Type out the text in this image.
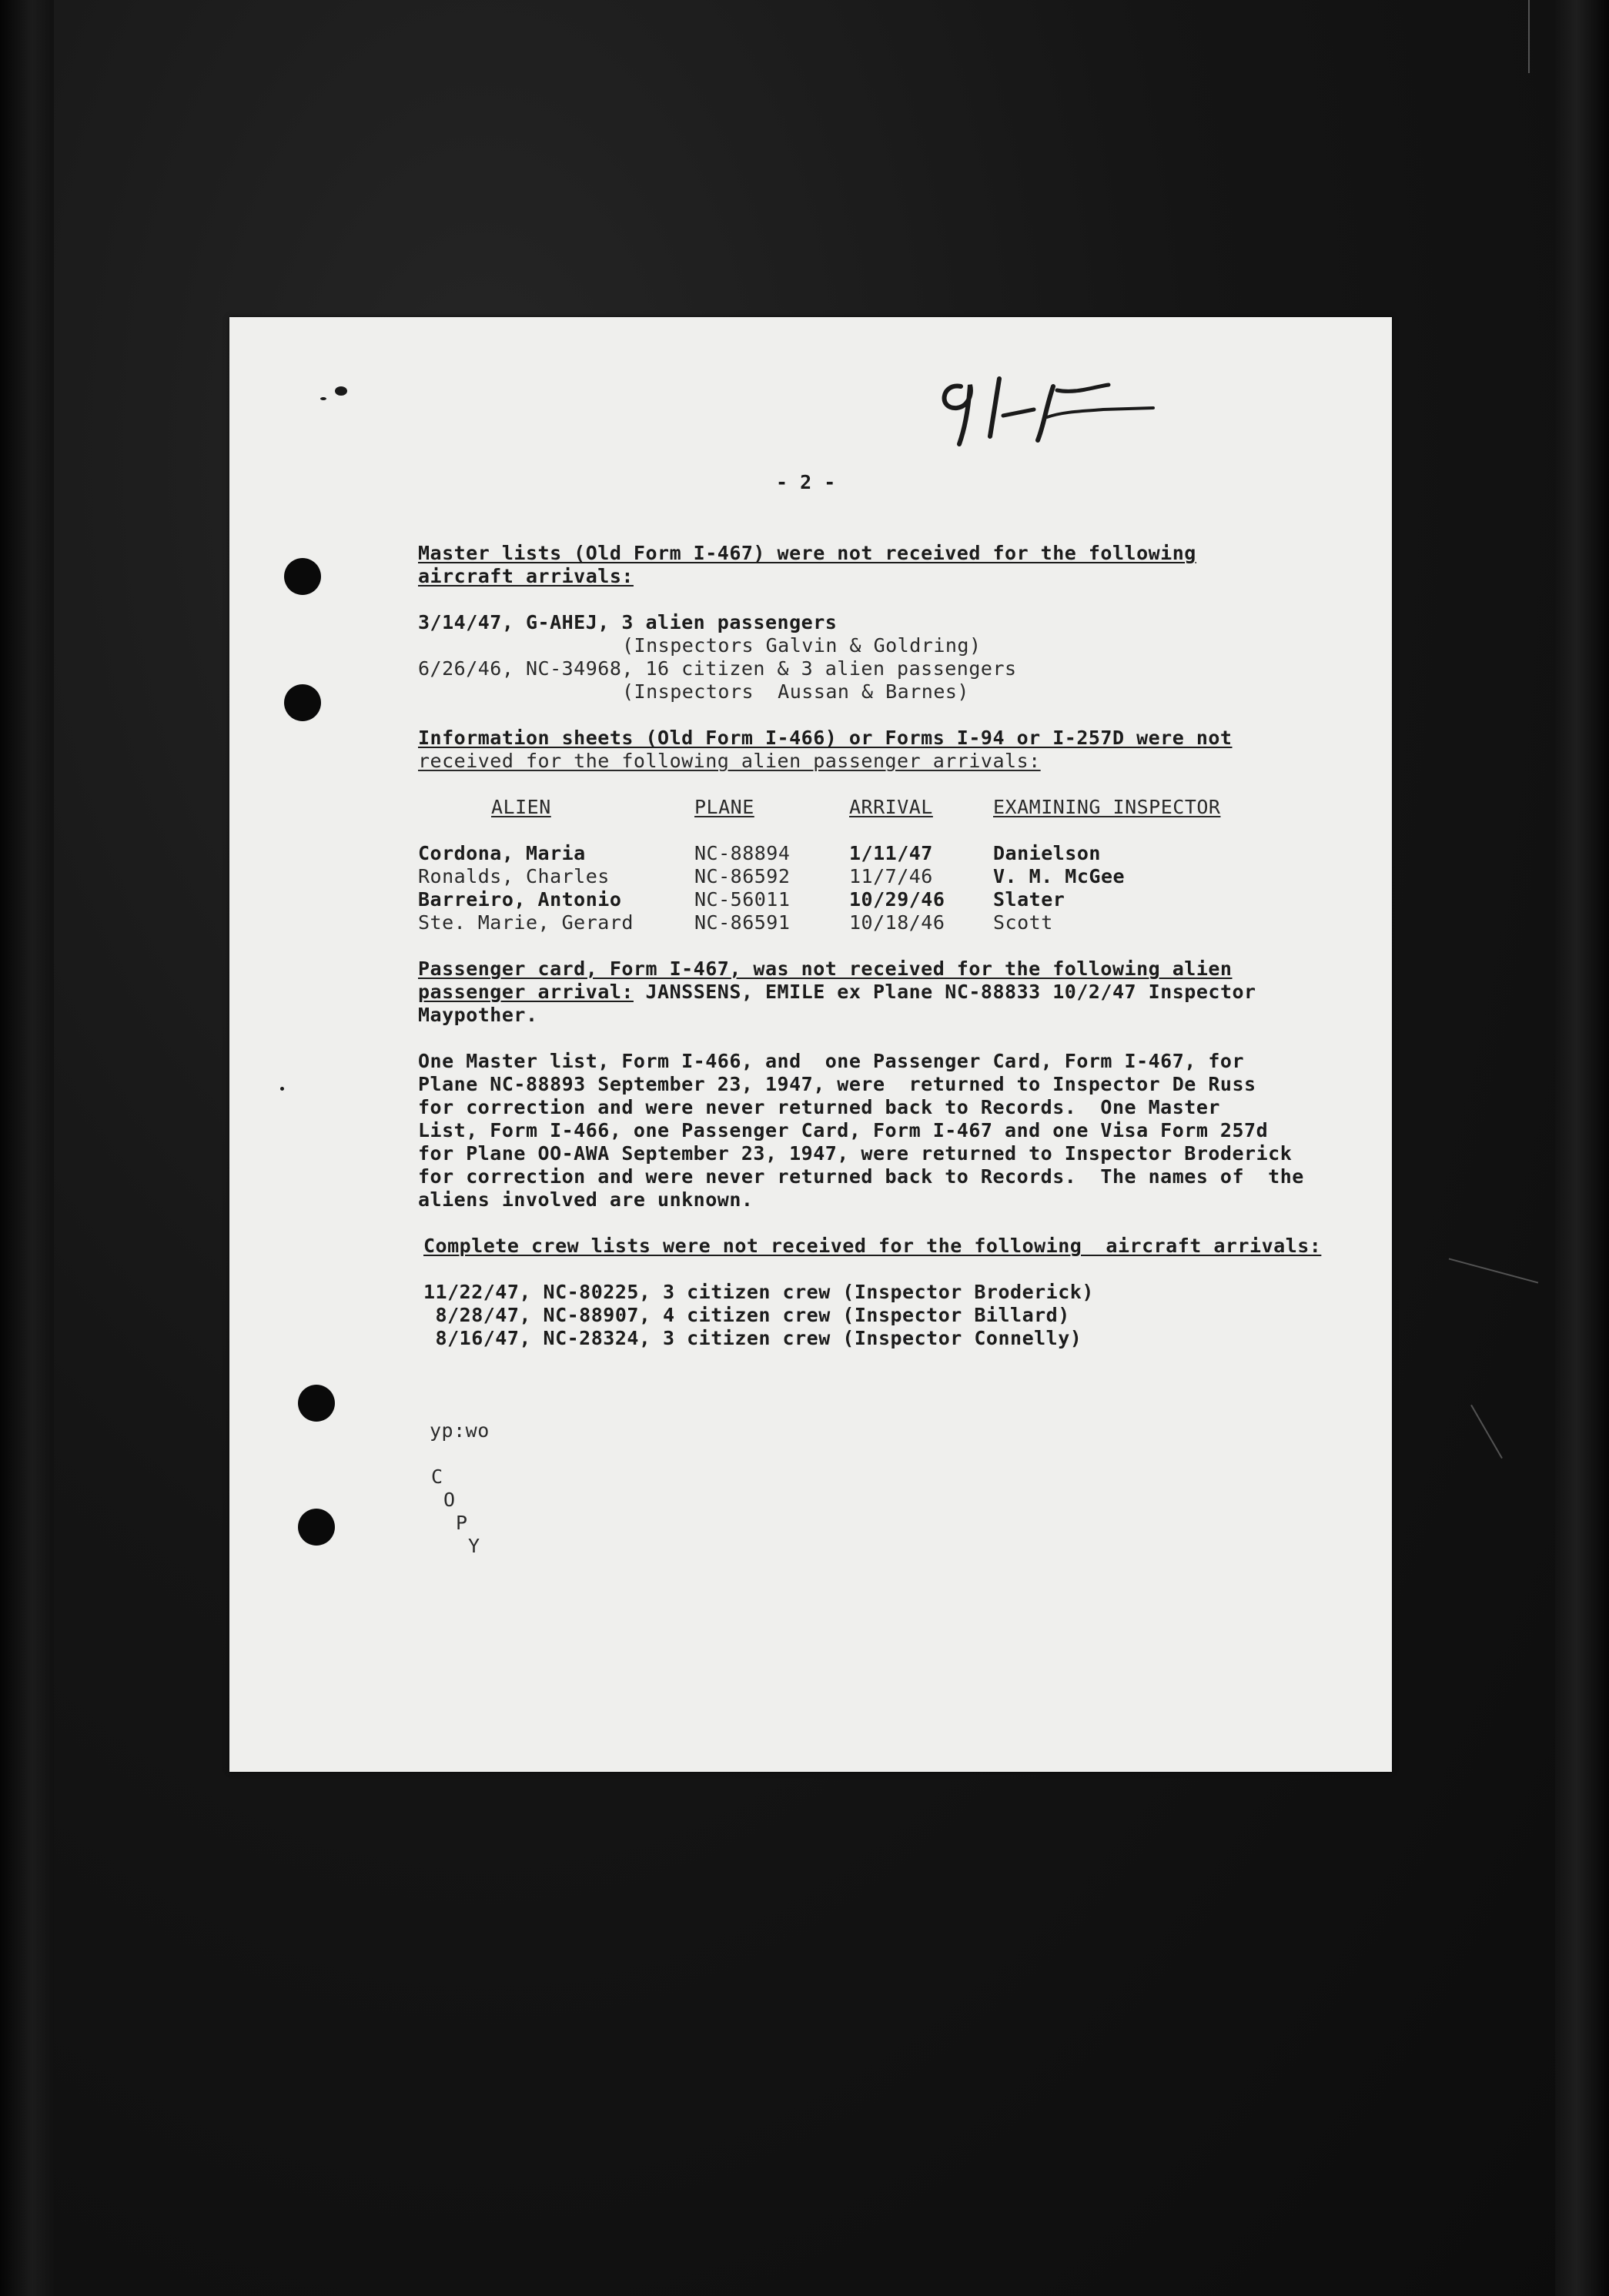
- 2 -
Master lists (Old Form I-467) were not received for the following
aircraft arrivals:
3/14/47, G-AHEJ, 3 alien passengers
(Inspectors Galvin & Goldring)
6/26/46, NC-34968, 16 citizen & 3 alien passengers
(Inspectors  Aussan & Barnes)
Information sheets (Old Form I-466) or Forms I-94 or I-257D were not
received for the following alien passenger arrivals:
ALIEN	PLANE	ARRIVAL	EXAMINING INSPECTOR
Cordona, Maria	NC-88894	1/11/47	Danielson
Ronalds, Charles	NC-86592	11/7/46	V. M. McGee
Barreiro, Antonio	NC-56011	10/29/46	Slater
Ste. Marie, Gerard	NC-86591	10/18/46	Scott
Passenger card, Form I-467, was not received for the following alien
passenger arrival: JANSSENS, EMILE ex Plane NC-88833 10/2/47 Inspector
Maypother.
One Master list, Form I-466, and  one Passenger Card, Form I-467, for
Plane NC-88893 September 23, 1947, were  returned to Inspector De Russ
for correction and were never returned back to Records.  One Master
List, Form I-466, one Passenger Card, Form I-467 and one Visa Form 257d
for Plane OO-AWA September 23, 1947, were returned to Inspector Broderick
for correction and were never returned back to Records.  The names of  the
aliens involved are unknown.
Complete crew lists were not received for the following  aircraft arrivals:
11/22/47, NC-80225, 3 citizen crew (Inspector Broderick)
8/28/47, NC-88907, 4 citizen crew (Inspector Billard)
8/16/47, NC-28324, 3 citizen crew (Inspector Connelly)
yp:wo
C
O
P
Y
